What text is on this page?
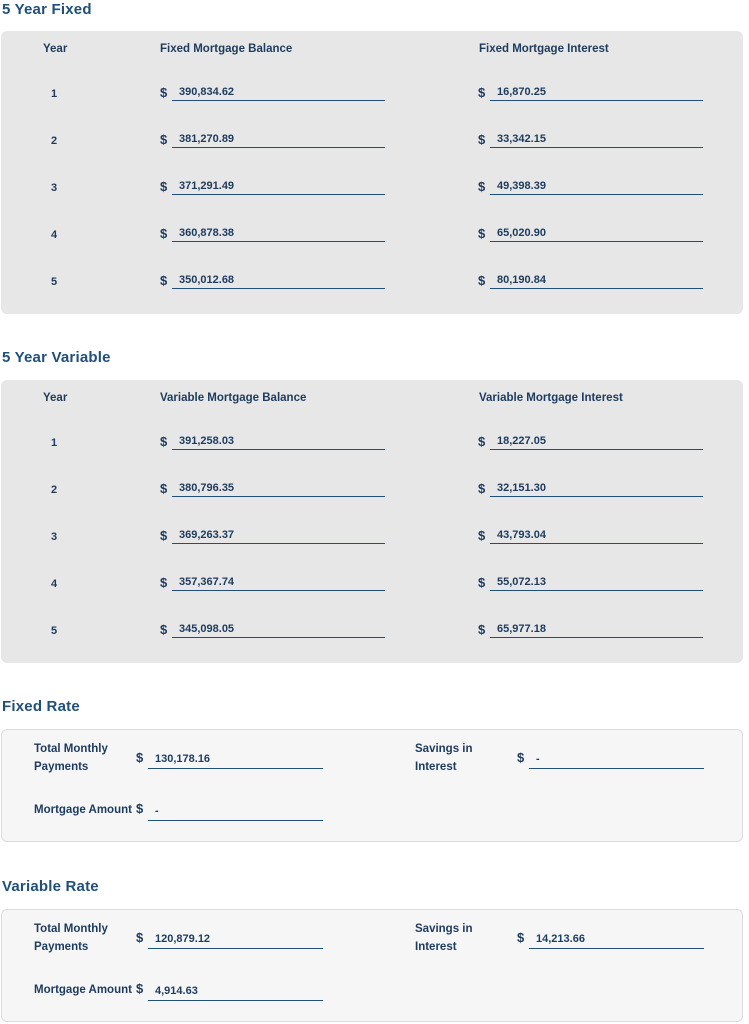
5 Year Fixed
Year	Fixed Mortgage Balance	Fixed Mortgage Interest
1	$	390,834.62	$	16,870.25
2	$	381,270.89	$	33,342.15
3	$	371,291.49	$	49,398.39
4	$	360,878.38	$	65,020.90
5	$	350,012.68	$	80,190.84
5 Year Variable
Year	Variable Mortgage Balance	Variable Mortgage Interest
1	$	391,258.03	$	18,227.05
2	$	380,796.35	$	32,151.30
3	$	369,263.37	$	43,793.04
4	$	357,367.74	$	55,072.13
5	$	345,098.05	$	65,977.18
Fixed Rate
Total Monthly
Payments
$	130,178.16
Savings in
Interest
$	-
Mortgage Amount $	-
Variable Rate
Total Monthly
Payments
$	120,879.12
Savings in
Interest
$	14,213.66
Mortgage Amount $	4,914.63
